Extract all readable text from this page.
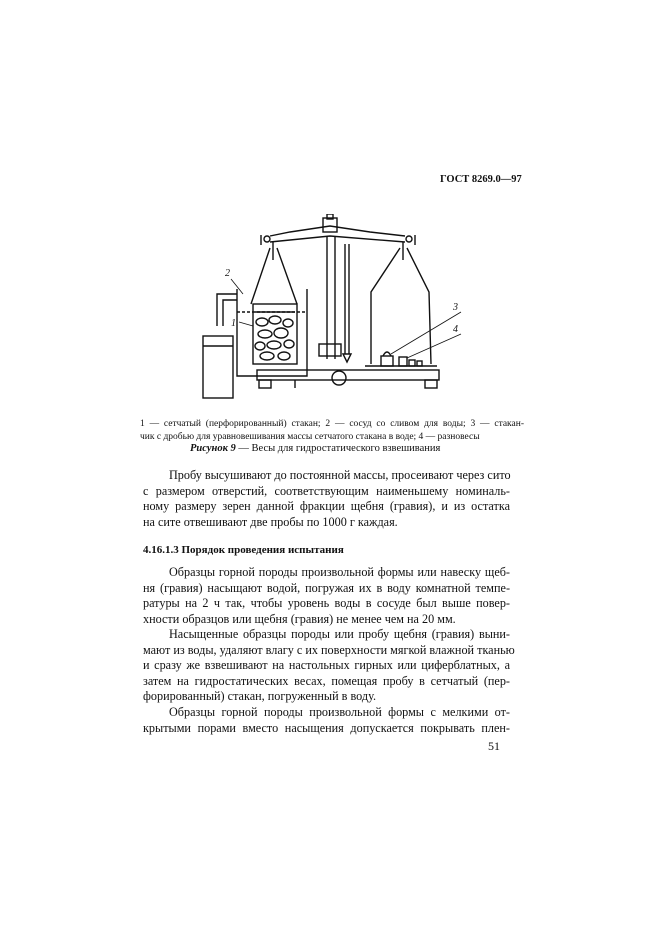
ГОСТ 8269.0—97
2
1
3
4
1 — сетчатый (перфорированный) стакан; 2 — сосуд со сливом для воды; 3 — стакан-
чик с дробью для уравновешивания массы сетчатого стакана в воде; 4 — разновесы
Рисунок 9 — Весы для гидростатического взвешивания
Пробу высушивают до постоянной массы, просеивают через сито
с размером отверстий, соответствующим наименьшему номиналь-
ному размеру зерен данной фракции щебня (гравия), и из остатка
на сите отвешивают две пробы по 1000 г каждая.
4.16.1.3 Порядок проведения испытания
Образцы горной породы произвольной формы или навеску щеб-
ня (гравия) насыщают водой, погружая их в воду комнатной темпе-
ратуры на 2 ч так, чтобы уровень воды в сосуде был выше повер-
хности образцов или щебня (гравия) не менее чем на 20 мм.
Насыщенные образцы породы или пробу щебня (гравия) выни-
мают из воды, удаляют влагу с их поверхности мягкой влажной тканью
и сразу же взвешивают на настольных гирных или циферблатных, а
затем на гидростатических весах, помещая пробу в сетчатый (пер-
форированный) стакан, погруженный в воду.
Образцы горной породы произвольной формы с мелкими от-
крытыми порами вместо насыщения допускается покрывать плен-
51
